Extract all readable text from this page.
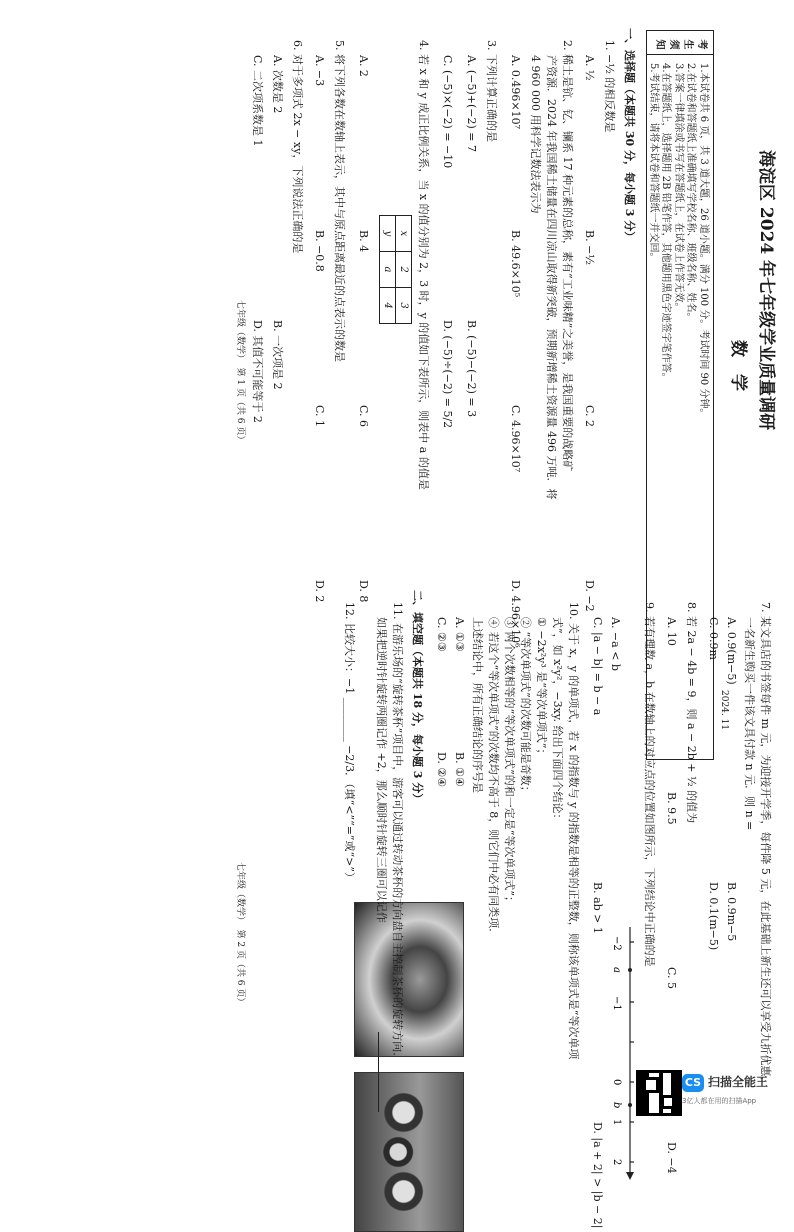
海淀区 2024 年七年级学业质量调研
数　学
2024. 11
考生须知
1.本试卷共 6 页，共 3 道大题，26 道小题。满分 100 分。考试时间 90 分钟。
2.在试卷和答题纸上准确填写学校名称、班级名称、姓名。
3.答案一律填涂或书写在答题纸上，在试卷上作答无效。
4.在答题纸上，选择题用 2B 铅笔作答，其他题用黑色字迹签字笔作答。
5.考试结束，请将本试卷和答题纸一并交回。
一、选择题（本题共 30 分，每小题 3 分）
1. −½ 的相反数是
A. ½
B. −½
C. 2
D. −2
2. 稀土是钪、钇、镧系 17 种元素的总称，素有“工业味精”之美誉，是我国重要的战略矿
产资源．2024 年我国稀土储量在四川凉山取得新突破，预期新增稀土资源量 496 万吨．将
4 960 000 用科学记数法表示为
A. 0.496×10⁷
B. 49.6×10⁵
C. 4.96×10⁷
D. 4.96×10⁶
3. 下列计算正确的是
A. (−5)+(−2) = 7
B. (−5)−(−2) = 3
C. (−5)×(−2) = −10
D. (−5)÷(−2) = 5/2
4. 若 x 和 y 成正比例关系，当 x 的值分别为 2，3 时，y 的值如下表所示，则表中 a 的值是
x	2	3
y	a	4
A. 2
B. 4
C. 6
D. 8
5. 将下列各数在数轴上表示，其中与原点距离最近的点表示的数是
A. −3
B. −0.8
C. 1
D. 2
6. 对于多项式 2x − xy，下列说法正确的是
A. 次数是 2
B. 一次项是 2
C. 二次项系数是 1
D. 其值不可能等于 2
七年级（数学）　第 1 页（共 6 页）
7. 某文具店的书签每件 m 元，为迎接开学季，每件降 5 元，在此基础上新生还可以享受九折优惠，
一名新生购买一件该文具付款 n 元．则 n =
A. 0.9(m−5)
B. 0.9m−5
C. 0.9m
D. 0.1(m−5)
8. 若 2a − 4b = 9，则 a − 2b + ½ 的值为
A. 10
B. 9.5
C. 5
D. −4
9. 若有理数 a，b 在数轴上的对应点的位置如图所示，下列结论中正确的是
−2
a
−1
0
b
1
2
A. −a < b
B. ab > 1
C. |a − b| = b − a
D. |a + 2| > |b − 2|
10. 关于 x，y 的单项式，若 x 的指数与 y 的指数是相等的正整数，则称该单项式是“等次单项
式”，如 x²y²，−3xy. 给出下面四个结论：
① −2x²y³ 是“等次单项式”；
② “等次单项式”的次数可能是奇数；
③ 两个次数相等的“等次单项式”的和一定是“等次单项式”；
④ 若这个“等次单项式”的次数均不高于 8，则它们中必有同类项．
上述结论中，所有正确结论的序号是
A. ①③
B. ①④
C. ②③
D. ②④
二、填空题（本题共 18 分，每小题 3 分）
11. 在游乐场的“旋转茶杯”项目中，游客可以通过转动茶杯的方向盘自主控制茶杯的旋转方向．
如果把逆时针旋转两圈记作 +2，那么顺时针旋转三圈可以记作
12. 比较大小：−1 ________ −2/3．（填“<”“=”或“>”）
七年级（数学）　第 2 页（共 6 页）
CS 扫描全能王
3亿人都在用的扫描App
